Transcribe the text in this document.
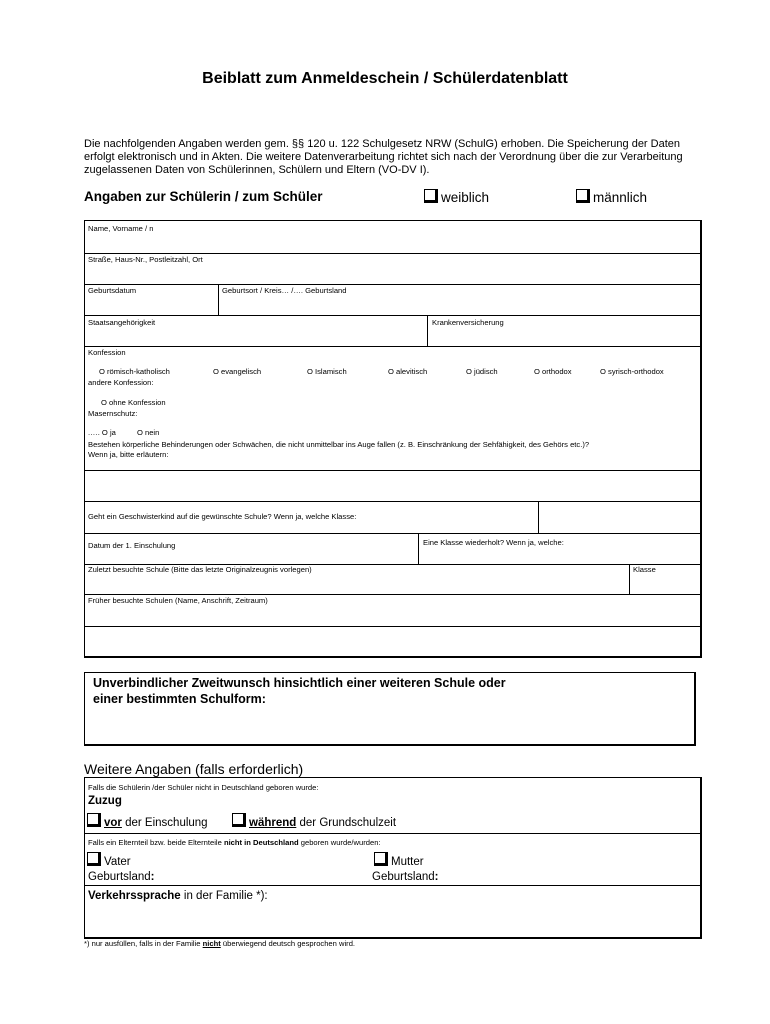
Beiblatt zum Anmeldeschein / Schülerdatenblatt
Die nachfolgenden Angaben werden gem. §§ 120 u. 122 Schulgesetz NRW (SchulG) erhoben. Die Speicherung der Daten erfolgt elektronisch und in Akten. Die weitere Datenverarbeitung richtet sich nach der Verordnung über die zur Verarbeitung zugelassenen Daten von Schülerinnen, Schülern und Eltern (VO-DV I).
Angaben zur Schülerin / zum Schüler	weiblich	männlich
Name, Vorname / n
Straße, Haus-Nr., Postleitzahl, Ort
Geburtsdatum	Geburtsort / Kreis… /…. Geburtsland
Staatsangehörigkeit	Krankenversicherung
Konfession
O römisch-katholisch	O evangelisch	O Islamisch	O alevitisch	O jüdisch	O orthodox	O syrisch-orthodox
andere Konfession:
O ohne Konfession
Masernschutz:
.…. O ja          O nein
Bestehen körperliche Behinderungen oder Schwächen, die nicht unmittelbar ins Auge fallen (z. B. Einschränkung der Sehfähigkeit, des Gehörs etc.)?
Wenn ja, bitte erläutern:
Geht ein Geschwisterkind auf die gewünschte Schule? Wenn ja, welche Klasse:
Datum der 1. Einschulung	Eine Klasse wiederholt? Wenn ja, welche:
Zuletzt besuchte Schule (Bitte das letzte Originalzeugnis vorlegen)	Klasse
Früher besuchte Schulen (Name, Anschrift, Zeitraum)
Unverbindlicher Zweitwunsch hinsichtlich einer weiteren Schule oder
einer bestimmten Schulform:
Weitere Angaben (falls erforderlich)
Falls die Schülerin /der Schüler nicht in Deutschland geboren wurde:
Zuzug
vor der Einschulung	während der Grundschulzeit
Falls ein Elternteil bzw. beide Elternteile nicht in Deutschland geboren wurde/wurden:
Vater	Mutter
Geburtsland:	Geburtsland:
Verkehrssprache in der Familie *):
*) nur ausfüllen, falls in der Familie nicht überwiegend deutsch gesprochen wird.
